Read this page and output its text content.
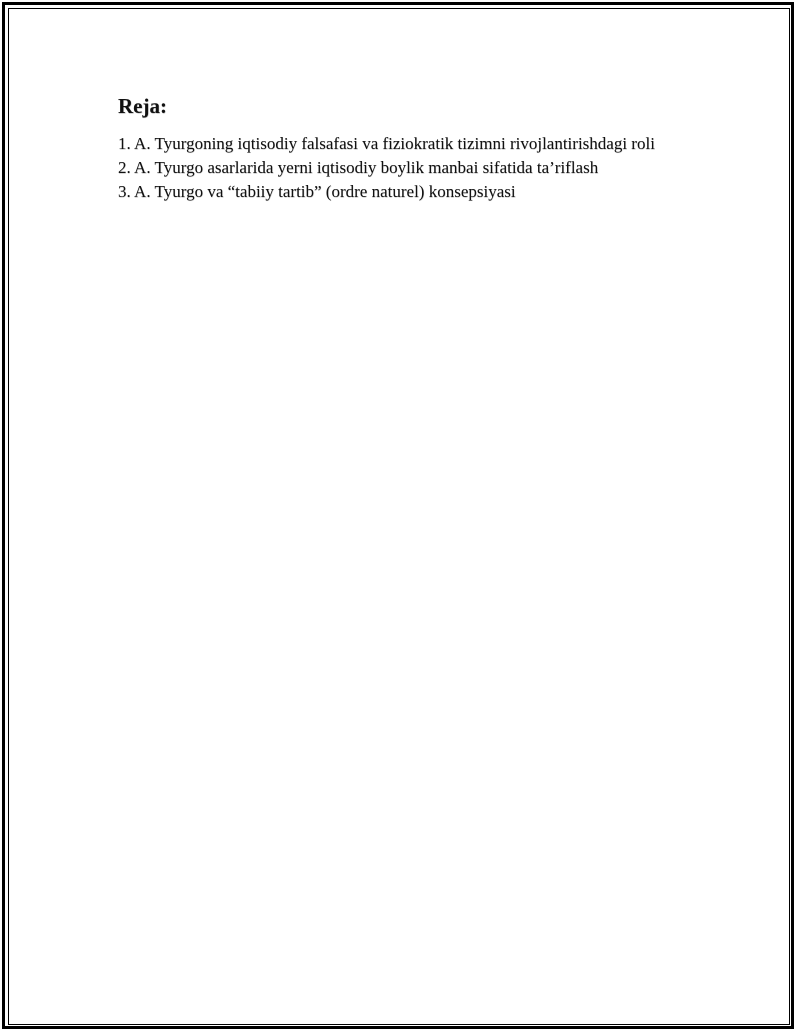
Reja:
1. A. Tyurgoning iqtisodiy falsafasi va fiziokratik tizimni rivojlantirishdagi roli
2. A. Tyurgo asarlarida yerni iqtisodiy boylik manbai sifatida ta’riflash
3. A. Tyurgo va “tabiiy tartib” (ordre naturel) konsepsiyasi
